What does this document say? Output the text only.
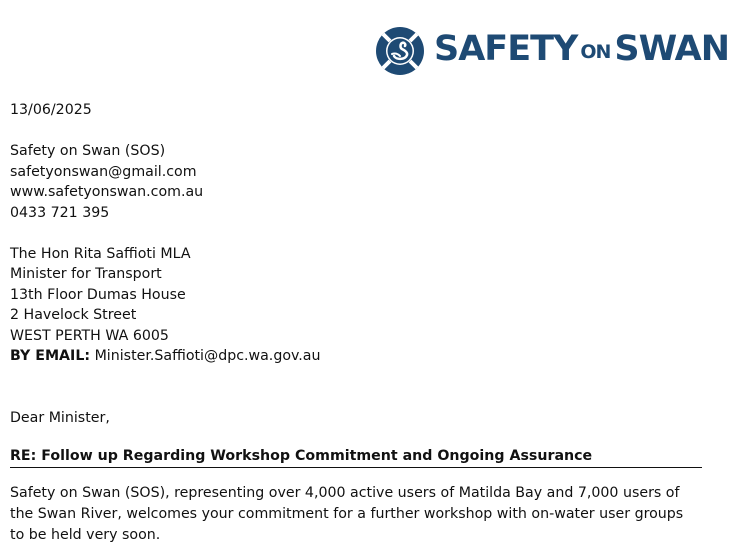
SAFETY ON SWAN
13/06/2025
Safety on Swan (SOS)
safetyonswan@gmail.com
www.safetyonswan.com.au
0433 721 395
The Hon Rita Saffioti MLA
Minister for Transport
13th Floor Dumas House
2 Havelock Street
WEST PERTH WA 6005
BY EMAIL: Minister.Saffioti@dpc.wa.gov.au
Dear Minister,
RE: Follow up Regarding Workshop Commitment and Ongoing Assurance
Safety on Swan (SOS), representing over 4,000 active users of Matilda Bay and 7,000 users of
the Swan River, welcomes your commitment for a further workshop with on-water user groups
to be held very soon.
